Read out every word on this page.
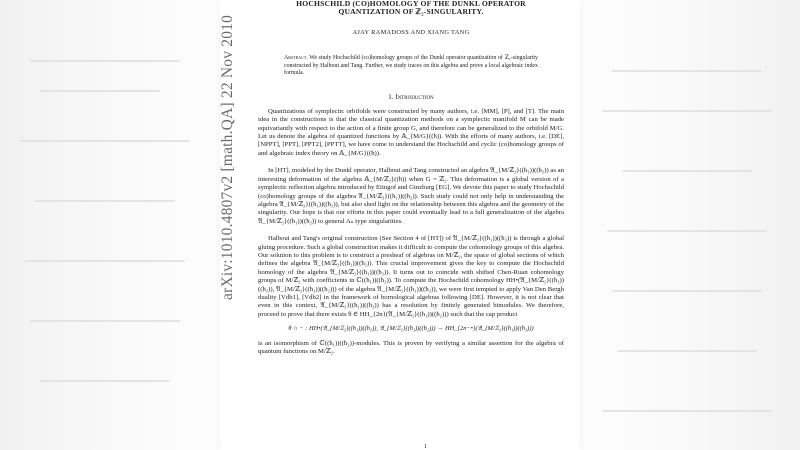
HOCHSCHILD (CO)HOMOLOGY OF THE DUNKL OPERATOR
QUANTIZATION OF ℤ₂-SINGULARITY.
AJAY RAMADOSS AND XIANG TANG
Abstract. We study Hochschild (co)homology groups of the Dunkl operator quantization of ℤ₂-singularity constructed by Halbout and Tang. Further, we study traces on this algebra and prove a local algebraic index formula.
1. Introduction

Quantizations of symplectic orbifolds were constructed by many authors, i.e. [MM], [P], and [T]. The main idea in the constructions is that the classical quantization methods on a symplectic manifold M can be made equivariantly with respect to the action of a finite group G, and therefore can be generalized to the orbifold M/G. Let us denote the algebra of quantized functions by 𝔸_{M/G}((ħ)). With the efforts of many authors, i.e. [DE], [NPPT], [PPT], [PPT2], [PPTT], we have come to understand the Hochschild and cyclic (co)homology groups of and algebraic index theory on 𝔸_{M/G}((ħ)).

In [HT], modeled by the Dunkl operator, Halbout and Tang constructed an algebra 𝔄_{M/ℤ₂}((ħ₁))((ħ₂)) as an interesting deformation of the algebra 𝔸_{M/ℤ₂}((ħ)) when G = ℤ₂. This deformation is a global version of a symplectic reflection algebra introduced by Etingof and Ginzburg [EG]. We devote this paper to study Hochschild (co)homology groups of the algebra 𝔄_{M/ℤ₂}((ħ₁))((ħ₂)). Such study could not only help in understanding the algebra 𝔄_{M/ℤ₂}((ħ₁))((ħ₂)), but also shed light on the relationship between this algebra and the geometry of the singularity. Our hope is that our efforts in this paper could eventually lead to a full generalization of the algebra 𝔄_{M/ℤ₂}((ħ₁))((ħ₂)) to general Aₙ type singularities.

Halbout and Tang's original construction (See Section 4 of [HT]) of 𝔄_{M/ℤ₂}((ħ₁))((ħ₂)) is through a global gluing procedure. Such a global construction makes it difficult to compute the cohomology groups of this algebra. Our solution to this problem is to construct a presheaf of algebras on M/ℤ₂, the space of global sections of which defines the algebra 𝔄_{M/ℤ₂}((ħ₁))((ħ₂)). This crucial improvement gives the key to compute the Hochschild homology of the algebra 𝔄_{M/ℤ₂}((ħ₁))((ħ₂)). It turns out to coincide with shifted Chen-Ruan cohomology groups of M/ℤ₂ with coefficients in ℂ((ħ₁))((ħ₂)). To compute the Hochschild cohomology HH•(𝔄_{M/ℤ₂}((ħ₁))((ħ₂)), 𝔄_{M/ℤ₂}((ħ₁))((ħ₂))) of the algebra 𝔄_{M/ℤ₂}((ħ₁))((ħ₂)), we were first tempted to apply Van Den Bergh duality [Vdb1], [Vdb2] in the framework of bornological algebras following [DE]. However, it is not clear that even in this context, 𝔄_{M/ℤ₂}((ħ₁))((ħ₂)) has a resolution by finitely generated bimodules. We therefore, proceed to prove that there exists θ ∈ HH_{2n}(𝔄_{M/ℤ₂}((ħ₁))((ħ₂))) such that the cap product

θ ∩ − : HH•(𝔄_{M/ℤ₂}((ħ₁))((ħ₂)), 𝔄_{M/ℤ₂}((ħ₁))((ħ₂))) → HH_{2n−•}(𝔄_{M/ℤ₂}((ħ₁))((ħ₂)))

is an isomorphism of ℂ((ħ₁))((ħ₂))-modules. This is proven by verifying a similar assertion for the algebra of quantum functions on M/ℤ₂.

1
arXiv:1010.4807v2 [math.QA] 22 Nov 2010
